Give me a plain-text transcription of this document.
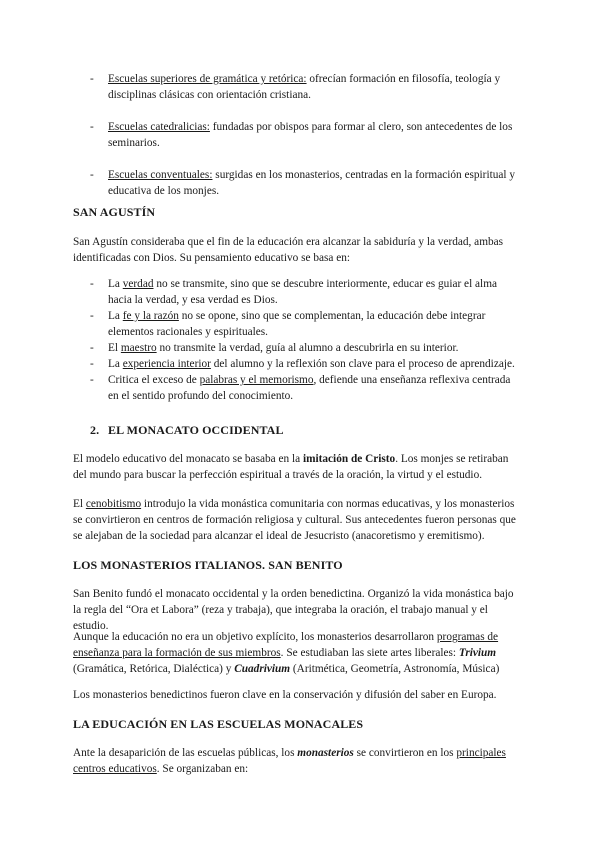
- Escuelas superiores de gramática y retórica: ofrecían formación en filosofía, teología y disciplinas clásicas con orientación cristiana.
- Escuelas catedralicias: fundadas por obispos para formar al clero, son antecedentes de los seminarios.
- Escuelas conventuales: surgidas en los monasterios, centradas en la formación espiritual y educativa de los monjes.
SAN AGUSTÍN
San Agustín consideraba que el fin de la educación era alcanzar la sabiduría y la verdad, ambas identificadas con Dios. Su pensamiento educativo se basa en:
- La verdad no se transmite, sino que se descubre interiormente, educar es guiar el alma hacia la verdad, y esa verdad es Dios.
- La fe y la razón no se opone, sino que se complementan, la educación debe integrar elementos racionales y espirituales.
- El maestro no transmite la verdad, guía al alumno a descubrirla en su interior.
- La experiencia interior del alumno y la reflexión son clave para el proceso de aprendizaje.
- Critica el exceso de palabras y el memorismo, defiende una enseñanza reflexiva centrada en el sentido profundo del conocimiento.
2. EL MONACATO OCCIDENTAL
El modelo educativo del monacato se basaba en la imitación de Cristo. Los monjes se retiraban del mundo para buscar la perfección espiritual a través de la oración, la virtud y el estudio.
El cenobitismo introdujo la vida monástica comunitaria con normas educativas, y los monasterios se convirtieron en centros de formación religiosa y cultural. Sus antecedentes fueron personas que se alejaban de la sociedad para alcanzar el ideal de Jesucristo (anacoretismo y eremitismo).
LOS MONASTERIOS ITALIANOS. SAN BENITO
San Benito fundó el monacato occidental y la orden benedictina. Organizó la vida monástica bajo la regla del “Ora et Labora” (reza y trabaja), que integraba la oración, el trabajo manual y el estudio.
Aunque la educación no era un objetivo explícito, los monasterios desarrollaron programas de enseñanza para la formación de sus miembros. Se estudiaban las siete artes liberales: Trivium (Gramática, Retórica, Dialéctica) y Cuadrivium (Aritmética, Geometría, Astronomía, Música)
Los monasterios benedictinos fueron clave en la conservación y difusión del saber en Europa.
LA EDUCACIÓN EN LAS ESCUELAS MONACALES
Ante la desaparición de las escuelas públicas, los monasterios se convirtieron en los principales centros educativos. Se organizaban en:
